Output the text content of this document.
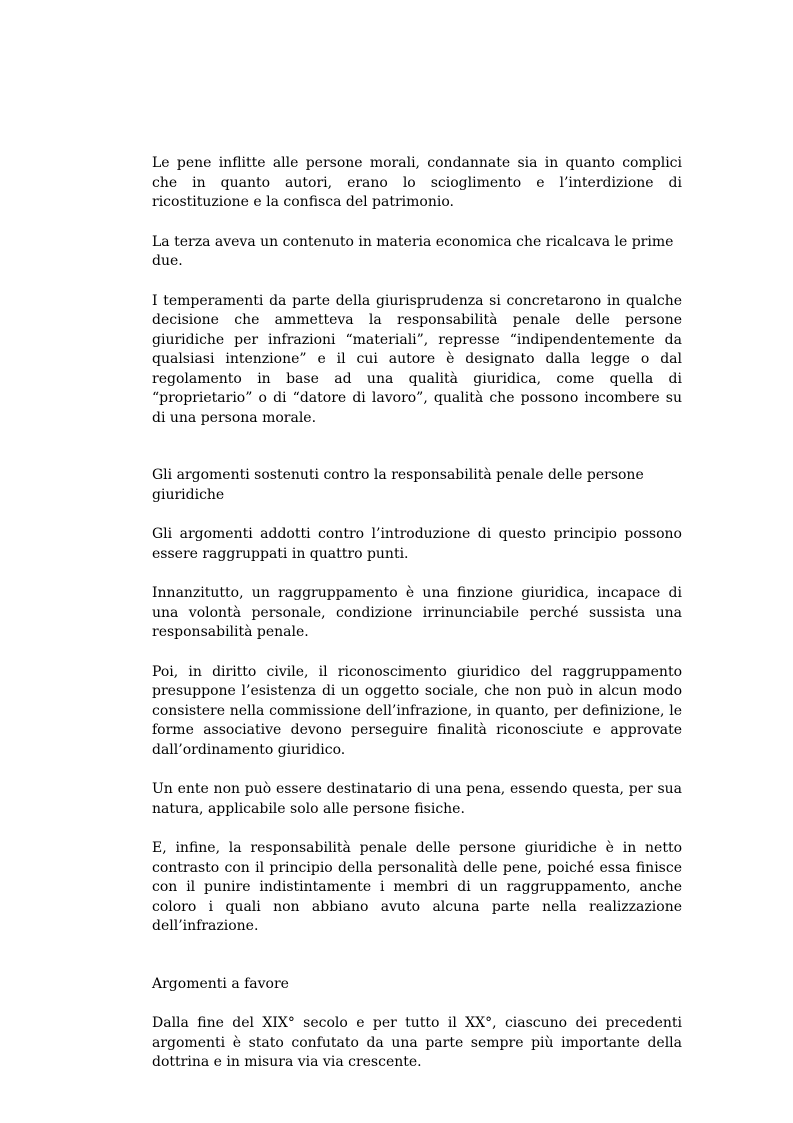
Le pene inflitte alle persone morali, condannate sia in quanto complici che in quanto autori, erano lo scioglimento e l’interdizione di ricostituzione e la confisca del patrimonio.

La terza aveva un contenuto in materia economica che ricalcava le prime due.

I temperamenti da parte della giurisprudenza si concretarono in qualche decisione che ammetteva la responsabilità penale delle persone giuridiche per infrazioni “materiali”, represse “indipendentemente da qualsiasi intenzione” e il cui autore è designato dalla legge o dal regolamento in base ad una qualità giuridica, come quella di “proprietario” o di “datore di lavoro”, qualità che possono incombere su di una persona morale.

Gli argomenti sostenuti contro la responsabilità penale delle persone giuridiche

Gli argomenti addotti contro l’introduzione di questo principio possono essere raggruppati in quattro punti.

Innanzitutto, un raggruppamento è una finzione giuridica, incapace di una volontà personale, condizione irrinunciabile perché sussista una responsabilità penale.

Poi, in diritto civile, il riconoscimento giuridico del raggruppamento presuppone l’esistenza di un oggetto sociale, che non può in alcun modo consistere nella commissione dell’infrazione, in quanto, per definizione, le forme associative devono perseguire finalità riconosciute e approvate dall’ordinamento giuridico.

Un ente non può essere destinatario di una pena, essendo questa, per sua natura, applicabile solo alle persone fisiche.

E, infine, la responsabilità penale delle persone giuridiche è in netto contrasto con il principio della personalità delle pene, poiché essa finisce con il punire indistintamente i membri di un raggruppamento, anche coloro i quali non abbiano avuto alcuna parte nella realizzazione dell’infrazione.

Argomenti a favore

Dalla fine del XIX° secolo e per tutto il XX°, ciascuno dei precedenti argomenti è stato confutato da una parte sempre più importante della dottrina e in misura via via crescente.
